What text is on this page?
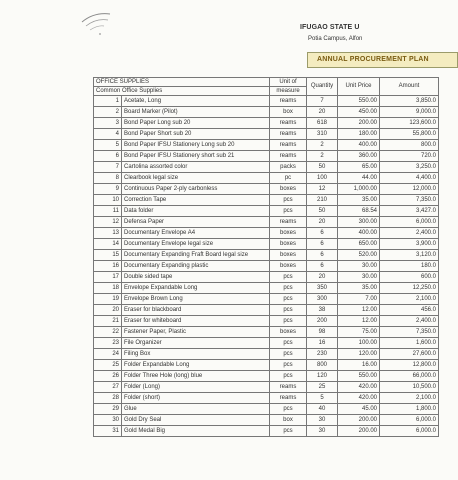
IFUGAO STATE U
Potia Campus, Alfon
ANNUAL PROCUREMENT PLAN
OFFICE SUPPLIES		Unit of	Quantity	Unit Price	Amount
Common Office Supplies		measure			
1	Acetate, Long	reams	7	550.00	3,850.0
2	Board Marker (Pilot)	box	20	450.00	9,000.0
3	Bond Paper Long sub 20	reams	618	200.00	123,600.0
4	Bond Paper Short sub 20	reams	310	180.00	55,800.0
5	Bond Paper IFSU Stationery Long sub 20	reams	2	400.00	800.0
6	Bond Paper IFSU Stationery short sub 21	reams	2	360.00	720.0
7	Cartolina assorted color	packs	50	65.00	3,250.0
8	Clearbook legal size	pc	100	44.00	4,400.0
9	Continuous Paper 2-ply carbonless	boxes	12	1,000.00	12,000.0
10	Correction Tape	pcs	210	35.00	7,350.0
11	Data folder	pcs	50	68.54	3,427.0
12	Defensa Paper	reams	20	300.00	6,000.0
13	Documentary Envelope A4	boxes	6	400.00	2,400.0
14	Documentary Envelope legal size	boxes	6	650.00	3,900.0
15	Documentary Expanding Fraft Board legal size	boxes	6	520.00	3,120.0
16	Documentary Expanding plastic	boxes	6	30.00	180.0
17	Double sided tape	pcs	20	30.00	600.0
18	Envelope Expandable Long	pcs	350	35.00	12,250.0
19	Envelope Brown Long	pcs	300	7.00	2,100.0
20	Eraser for blackboard	pcs	38	12.00	456.0
21	Eraser for whiteboard	pcs	200	12.00	2,400.0
22	Fastener Paper, Plastic	boxes	98	75.00	7,350.0
23	File Organizer	pcs	16	100.00	1,600.0
24	Filing Box	pcs	230	120.00	27,600.0
25	Folder Expandable Long	pcs	800	16.00	12,800.0
26	Folder Three Hole (long) blue	pcs	120	550.00	66,000.0
27	Folder (Long)	reams	25	420.00	10,500.0
28	Folder (short)	reams	5	420.00	2,100.0
29	Glue	pcs	40	45.00	1,800.0
30	Gold Dry Seal	box	30	200.00	6,000.0
31	Gold Medal Big	pcs	30	200.00	6,000.0
